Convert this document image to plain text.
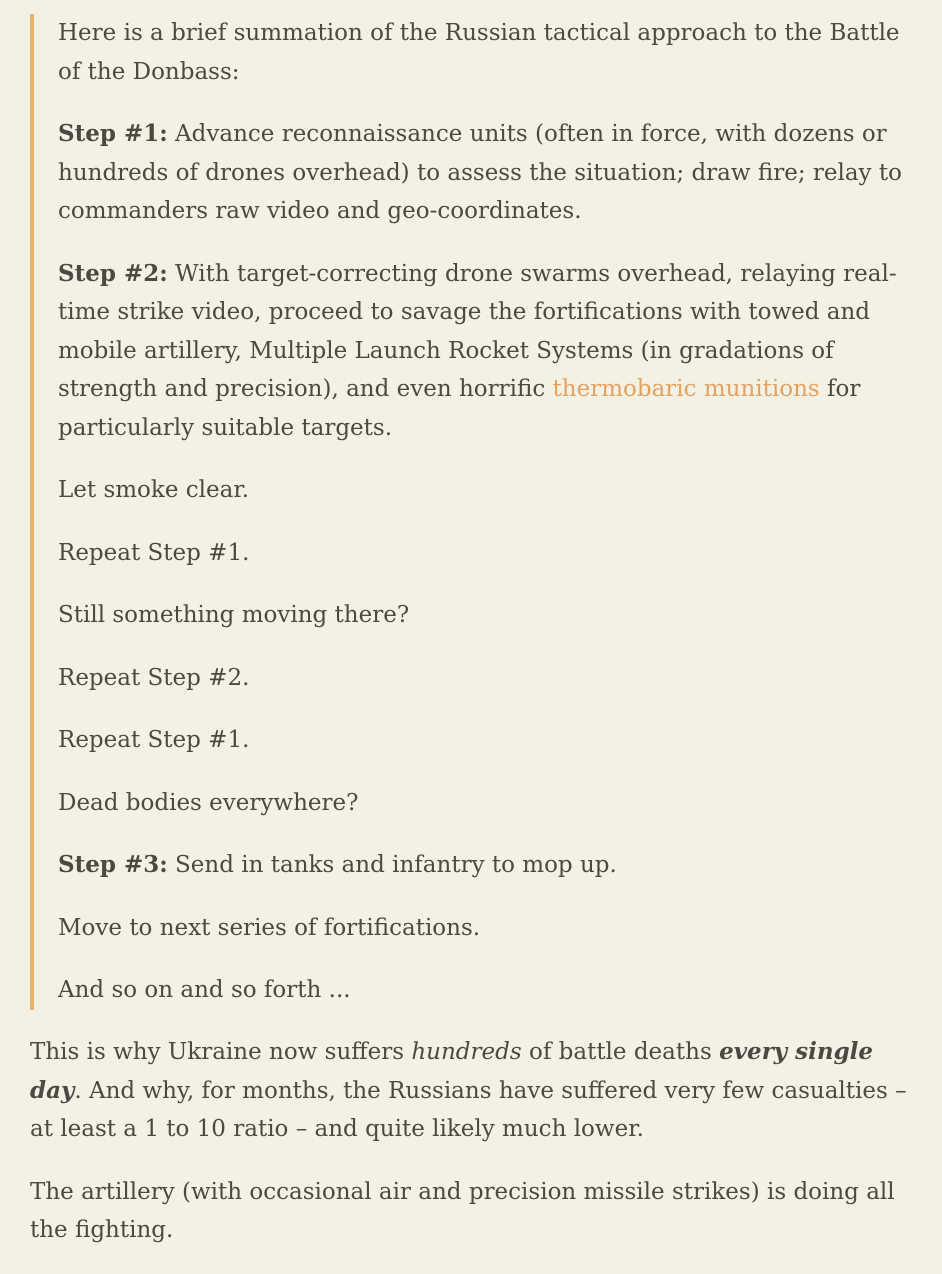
Here is a brief summation of the Russian tactical approach to the Battle of the Donbass:

Step #1: Advance reconnaissance units (often in force, with dozens or hundreds of drones overhead) to assess the situation; draw fire; relay to commanders raw video and geo-coordinates.

Step #2: With target-correcting drone swarms overhead, relaying real-time strike video, proceed to savage the fortifications with towed and mobile artillery, Multiple Launch Rocket Systems (in gradations of strength and precision), and even horrific thermobaric munitions for particularly suitable targets.

Let smoke clear.

Repeat Step #1.

Still something moving there?

Repeat Step #2.

Repeat Step #1.

Dead bodies everywhere?

Step #3: Send in tanks and infantry to mop up.

Move to next series of fortifications.

And so on and so forth ...

This is why Ukraine now suffers hundreds of battle deaths every single day. And why, for months, the Russians have suffered very few casualties – at least a 1 to 10 ratio – and quite likely much lower.

The artillery (with occasional air and precision missile strikes) is doing all the fighting.
